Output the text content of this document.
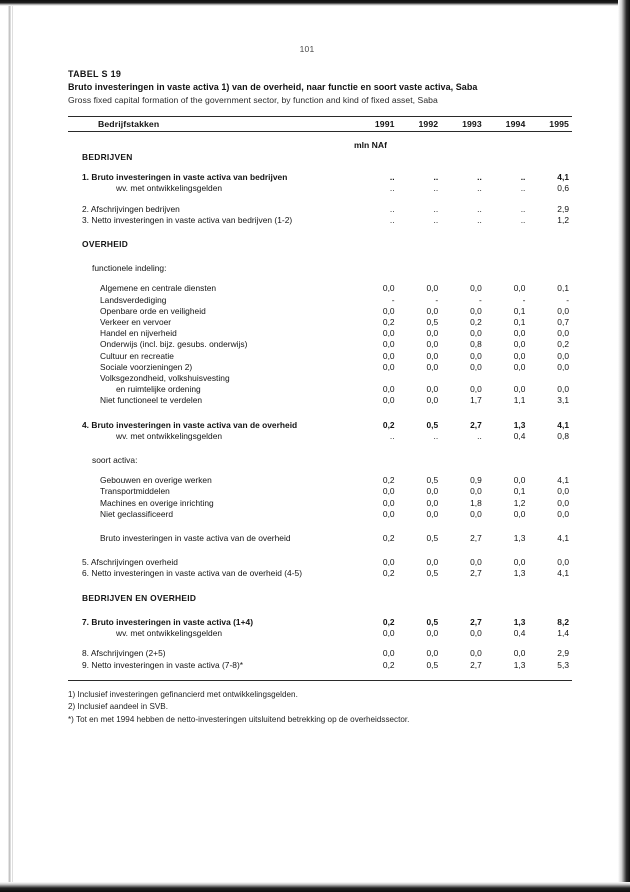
101
TABEL S 19
Bruto investeringen in vaste activa 1) van de overheid, naar functie en soort vaste activa, Saba
Gross fixed capital formation of the government sector, by function and kind of fixed asset, Saba

Bedrijfstakken	1991	1992	1993	1994	1995

	mln NAf				
BEDRIJVEN					

1. Bruto investeringen in vaste activa van bedrijven	..	..	..	..	4,1
wv. met ontwikkelingsgelden	..	..	..	..	0,6

2. Afschrijvingen bedrijven	..	..	..	..	2,9
3. Netto investeringen in vaste activa van bedrijven (1-2)	..	..	..	..	1,2

OVERHEID					

functionele indeling:					

Algemene en centrale diensten	0,0	0,0	0,0	0,0	0,1
Landsverdediging	-	-	-	-	-
Openbare orde en veiligheid	0,0	0,0	0,0	0,1	0,0
Verkeer en vervoer	0,2	0,5	0,2	0,1	0,7
Handel en nijverheid	0,0	0,0	0,0	0,0	0,0
Onderwijs (incl. bijz. gesubs. onderwijs)	0,0	0,0	0,8	0,0	0,2
Cultuur en recreatie	0,0	0,0	0,0	0,0	0,0
Sociale voorzieningen 2)	0,0	0,0	0,0	0,0	0,0
Volksgezondheid, volkshuisvesting					
en ruimtelijke ordening	0,0	0,0	0,0	0,0	0,0
Niet functioneel te verdelen	0,0	0,0	1,7	1,1	3,1

4. Bruto investeringen in vaste activa van de overheid	0,2	0,5	2,7	1,3	4,1
wv. met ontwikkelingsgelden	..	..	..	0,4	0,8

soort activa:					

Gebouwen en overige werken	0,2	0,5	0,9	0,0	4,1
Transportmiddelen	0,0	0,0	0,0	0,1	0,0
Machines en overige inrichting	0,0	0,0	1,8	1,2	0,0
Niet geclassificeerd	0,0	0,0	0,0	0,0	0,0

Bruto investeringen in vaste activa van de overheid	0,2	0,5	2,7	1,3	4,1

5. Afschrijvingen overheid	0,0	0,0	0,0	0,0	0,0
6. Netto investeringen in vaste activa van de overheid (4-5)	0,2	0,5	2,7	1,3	4,1

BEDRIJVEN EN OVERHEID					

7. Bruto investeringen in vaste activa (1+4)	0,2	0,5	2,7	1,3	8,2
wv. met ontwikkelingsgelden	0,0	0,0	0,0	0,4	1,4

8. Afschrijvingen (2+5)	0,0	0,0	0,0	0,0	2,9
9. Netto investeringen in vaste activa (7-8)*	0,2	0,5	2,7	1,3	5,3

1) Inclusief investeringen gefinancierd met ontwikkelingsgelden.
2) Inclusief aandeel in SVB.
*) Tot en met 1994 hebben de netto-investeringen uitsluitend betrekking op de overheidssector.
